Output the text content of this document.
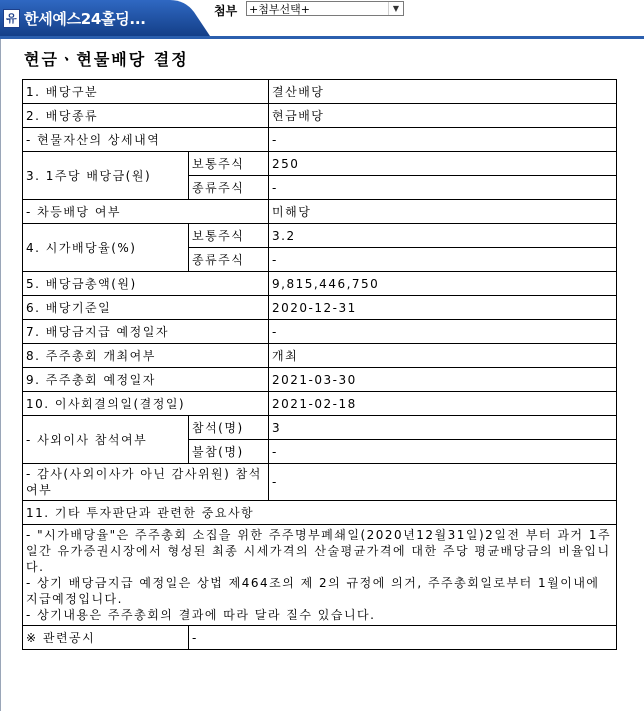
유 한세예스24홀딩...	첨부 +첨부선택+	▼
현금ㆍ현물배당 결정
1. 배당구분		결산배당
2. 배당종류		현금배당
- 현물자산의 상세내역		-
3. 1주당 배당금(원)	보통주식	250
	종류주식	-
- 차등배당 여부		미해당
4. 시가배당율(%)	보통주식	3.2
	종류주식	-
5. 배당금총액(원)		9,815,446,750
6. 배당기준일		2020-12-31
7. 배당금지급 예정일자		-
8. 주주총회 개최여부		개최
9. 주주총회 예정일자		2021-03-30
10. 이사회결의일(결정일)		2021-02-18
- 사외이사 참석여부	참석(명)	3
	불참(명)	-
- 감사(사외이사가 아닌 감사위원) 참석여부		-
11. 기타 투자판단과 관련한 중요사항		

- "시가배당율"은 주주총회 소집을 위한 주주명부폐쇄일(2020년12월31일)2일전 부터 과거 1주일간 유가증권시장에서 형성된 최종 시세가격의 산술평균가격에 대한 주당 평균배당금의 비율입니다.
- 상기 배당금지급 예정일은 상법 제464조의 제 2의 규정에 의거, 주주총회일로부터 1월이내에 지급예정입니다.
- 상기내용은 주주총회의 결과에 따라 달라 질수 있습니다.		

※ 관련공시	-	
